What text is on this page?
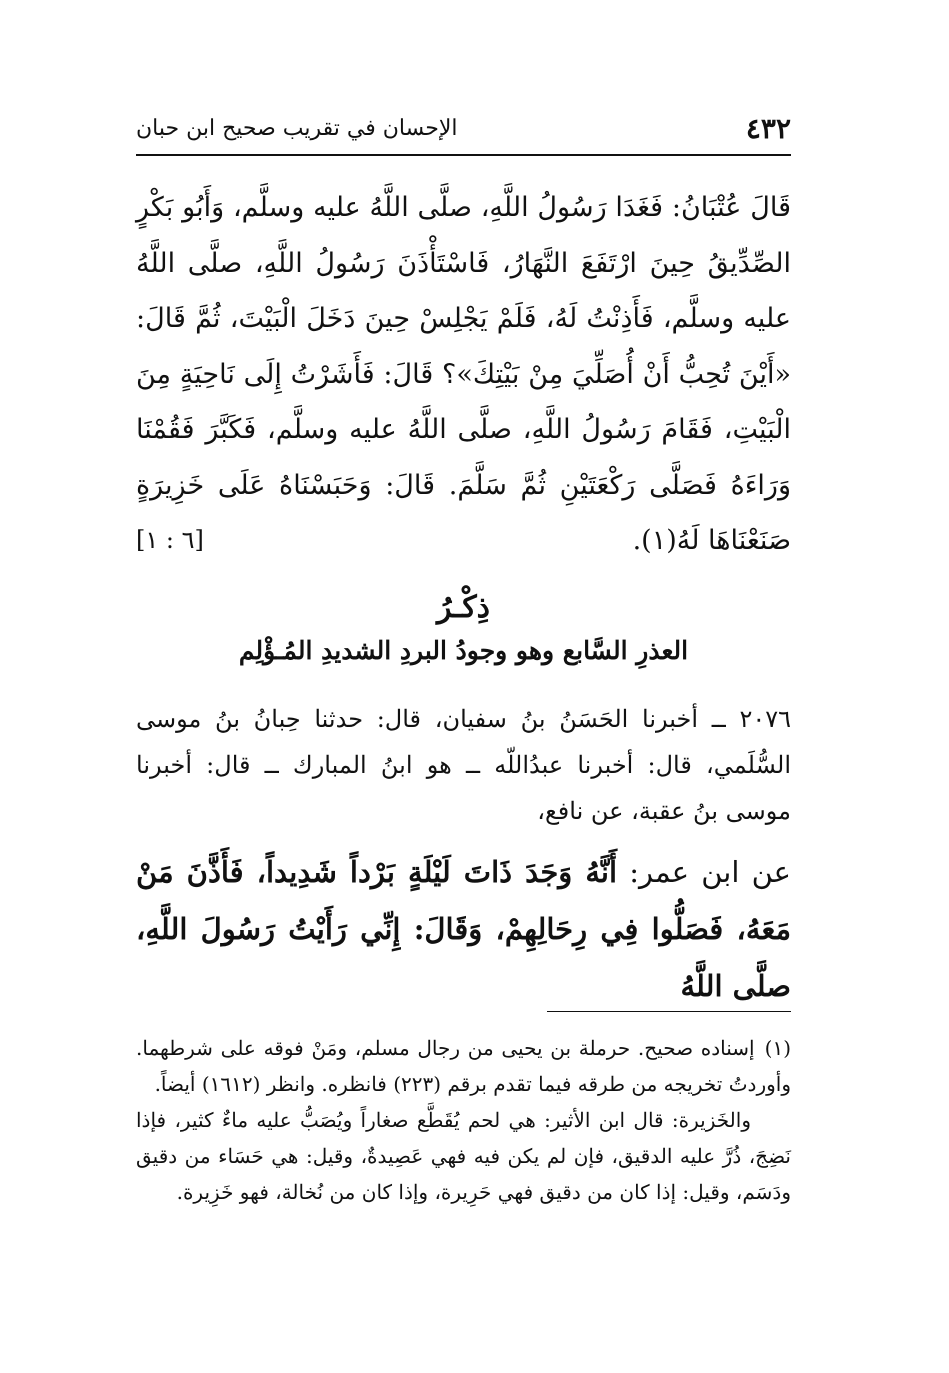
٤٣٢
الإحسان في تقريب صحيح ابن حبان

قَالَ عُتْبَانُ: فَغَدَا رَسُولُ اللَّهِ، صلَّى اللَّهُ عليه وسلَّم، وَأَبُو بَكْرٍ الصِّدِّيقُ حِينَ ارْتَفَعَ النَّهَارُ، فَاسْتَأْذَنَ رَسُولُ اللَّهِ، صلَّى اللَّهُ عليه وسلَّم، فَأَذِنْتُ لَهُ، فَلَمْ يَجْلِسْ حِينَ دَخَلَ الْبَيْتَ، ثُمَّ قَالَ: «أَيْنَ تُحِبُّ أَنْ أُصَلِّيَ مِنْ بَيْتِكَ»؟ قَالَ: فَأَشَرْتُ إِلَى نَاحِيَةٍ مِنَ الْبَيْتِ، فَقَامَ رَسُولُ اللَّهِ، صلَّى اللَّهُ عليه وسلَّم، فَكَبَّرَ فَقُمْنَا وَرَاءَهُ فَصَلَّى رَكْعَتَيْنِ ثُمَّ سَلَّمَ. قَالَ: وَحَبَسْنَاهُ عَلَى خَزِيرَةٍ صَنَعْنَاهَا لَهُ(١).
[٦ : ١]

ذِكْـرُ
العذرِ السَّابع وهو وجودُ البردِ الشديدِ المُـؤْلِم

٢٠٧٦ ــ أخبرنا الحَسَنُ بنُ سفيان، قال: حدثنا حِبانُ بنُ موسى السُّلَمي، قال: أخبرنا عبدُاللّه ــ هو ابنُ المبارك ــ قال: أخبرنا موسى بنُ عقبة، عن نافع،

عن ابن عمر: أَنَّهُ وَجَدَ ذَاتَ لَيْلَةٍ بَرْداً شَدِيداً، فَأَذَّنَ مَنْ مَعَهُ، فَصَلُّوا فِي رِحَالِهِمْ، وَقَالَ: إِنِّي رَأَيْتُ رَسُولَ اللَّهِ، صلَّى اللَّهُ

(١)إسناده صحيح. حرملة بن يحيى من رجال مسلم، ومَنْ فوقه على شرطهما. وأوردتُ تخريجه من طرقه فيما تقدم برقم (٢٢٣) فانظره. وانظر (١٦١٢) أيضاً.

والخَزيرة: قال ابن الأثير: هي لحم يُقَطَّع صغاراً ويُصَبُّ عليه ماءٌ كثير، فإذا نَضِجَ، ذُرَّ عليه الدقيق، فإن لم يكن فيه فهي عَصِيدةٌ، وقيل: هي حَسَاء من دقيق ودَسَم، وقيل: إذا كان من دقيق فهي حَرِيرة، وإذا كان من نُخالة، فهو خَزِيرة.
